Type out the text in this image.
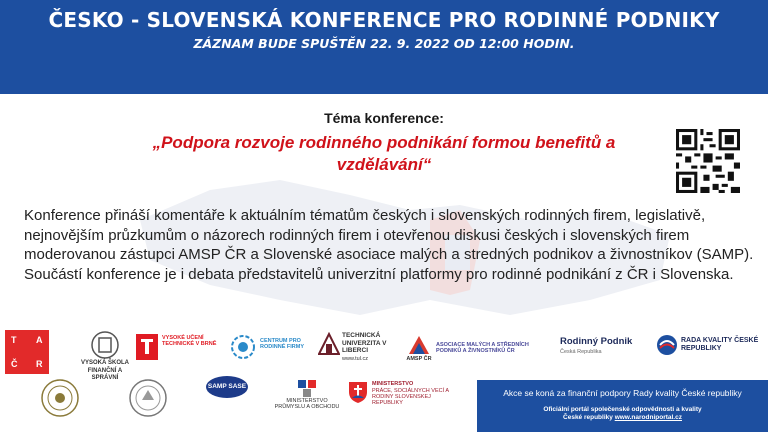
ČESKO - SLOVENSKÁ KONFERENCE PRO RODINNÉ PODNIKY
ZÁZNAM BUDE SPUŠTĚN 22. 9. 2022 OD 12:00 HODIN.
Téma konference:
„Podpora rozvoje rodinného podnikání formou benefitů a vzdělávání“
Konference přináší komentáře k aktuálním tématům českých i slovenských rodinných firem, legislativě, nejnovějším průzkumům o názorech rodinných firem i otevřenou diskusi českých i slovenských firem moderovanou zástupci AMSP ČR a Slovenské asociace malých a stredných podnikov a živnostníkov (SAMP). Součástí konference je i debata představitelů univerzitní platformy pro rodinné podnikání z ČR i Slovenska.
T A
Č R	VYSOKÁ ŠKOLA FINANČNÍ A SPRÁVNÍ
VYSOKÉ UČENÍ TECHNICKÉ V BRNĚ
CENTRUM PRO RODINNÉ FIRMY
TECHNICKÁ UNIVERZITA V LIBERCI
www.tul.cz	AMSP ČR
ASOCIACE MALÝCH A STŘEDNÍCH PODNIKŮ A ŽIVNOSTNÍKŮ ČR
Rodinný Podnik
Česká Republika
RADA KVALITY ČESKÉ REPUBLIKY
SAMP SASE
MINISTERSTVO PRŮMYSLU A OBCHODU
MINISTERSTVO
PRÁCE, SOCIÁLNYCH VECÍ A RODINY SLOVENSKEJ REPUBLIKY
Akce se koná za finanční podpory Rady kvality České republiky
Oficiální portál společenské odpovědnosti a kvality
České republiky www.narodniportal.cz
